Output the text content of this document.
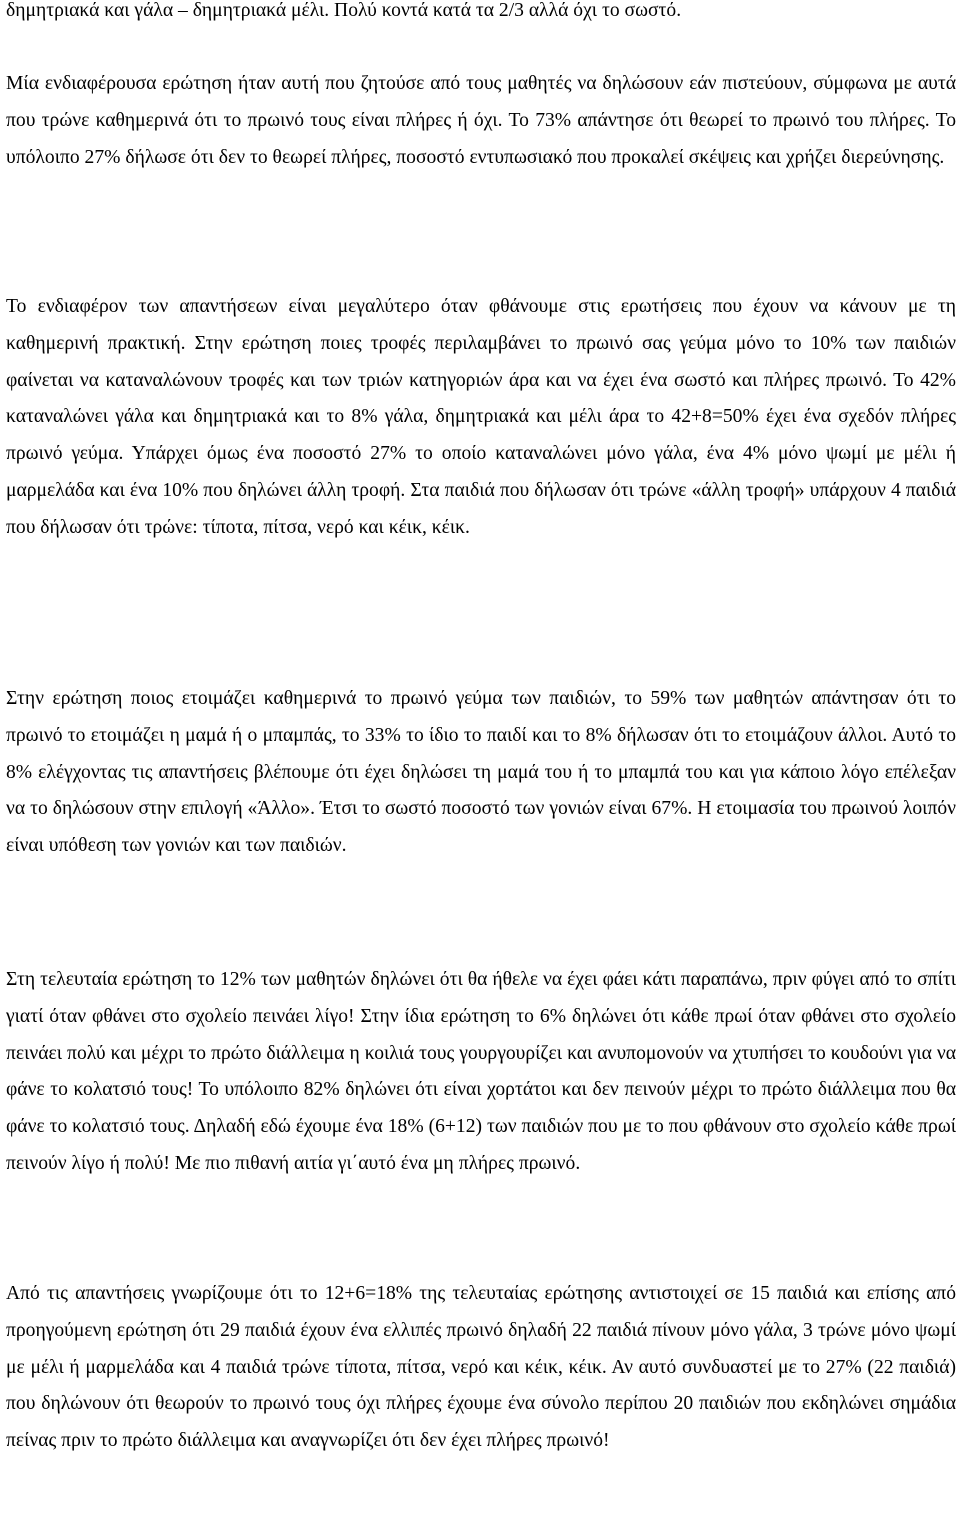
δημητριακά και γάλα – δημητριακά μέλι. Πολύ κοντά κατά τα 2/3 αλλά όχι το σωστό.

Μία ενδιαφέρουσα ερώτηση ήταν αυτή που ζητούσε από τους μαθητές να δηλώσουν εάν πιστεύουν, σύμφωνα με αυτά που τρώνε καθημερινά ότι το πρωινό τους είναι πλήρες ή όχι. Το 73% απάντησε ότι θεωρεί το πρωινό του πλήρες. Το υπόλοιπο 27% δήλωσε ότι δεν το θεωρεί πλήρες, ποσοστό εντυπωσιακό που προκαλεί σκέψεις και χρήζει διερεύνησης.

Το ενδιαφέρον των απαντήσεων είναι μεγαλύτερο όταν φθάνουμε στις ερωτήσεις που έχουν να κάνουν με τη καθημερινή πρακτική. Στην ερώτηση ποιες τροφές περιλαμβάνει το πρωινό σας γεύμα μόνο το 10% των παιδιών φαίνεται να καταναλώνουν τροφές και των τριών κατηγοριών άρα και να έχει ένα σωστό και πλήρες πρωινό. Το 42% καταναλώνει γάλα και δημητριακά και το 8% γάλα, δημητριακά και μέλι άρα το 42+8=50% έχει ένα σχεδόν πλήρες πρωινό γεύμα. Υπάρχει όμως ένα ποσοστό 27% το οποίο καταναλώνει μόνο γάλα, ένα 4% μόνο ψωμί με μέλι ή μαρμελάδα και ένα 10% που δηλώνει άλλη τροφή. Στα παιδιά που δήλωσαν ότι τρώνε «άλλη τροφή» υπάρχουν 4 παιδιά που δήλωσαν ότι τρώνε: τίποτα, πίτσα, νερό και κέικ, κέικ.

Στην ερώτηση ποιος ετοιμάζει καθημερινά το πρωινό γεύμα των παιδιών, το 59% των μαθητών απάντησαν ότι το πρωινό το ετοιμάζει η μαμά ή ο μπαμπάς, το 33% το ίδιο το παιδί και το 8% δήλωσαν ότι το ετοιμάζουν άλλοι. Αυτό το 8% ελέγχοντας τις απαντήσεις βλέπουμε ότι έχει δηλώσει τη μαμά του ή το μπαμπά του και για κάποιο λόγο επέλεξαν να το δηλώσουν στην επιλογή «Άλλο». Έτσι το σωστό ποσοστό των γονιών είναι 67%. Η ετοιμασία του πρωινού λοιπόν είναι υπόθεση των γονιών και των παιδιών.

Στη τελευταία ερώτηση το 12% των μαθητών δηλώνει ότι θα ήθελε να έχει φάει κάτι παραπάνω, πριν φύγει από το σπίτι γιατί όταν φθάνει στο σχολείο πεινάει λίγο! Στην ίδια ερώτηση το 6% δηλώνει ότι κάθε πρωί όταν φθάνει στο σχολείο πεινάει πολύ και μέχρι το πρώτο διάλλειμα η κοιλιά τους γουργουρίζει και ανυπομονούν να χτυπήσει το κουδούνι για να φάνε το κολατσιό τους! Το υπόλοιπο 82% δηλώνει ότι είναι χορτάτοι και δεν πεινούν μέχρι το πρώτο διάλλειμα που θα φάνε το κολατσιό τους. Δηλαδή εδώ έχουμε ένα 18% (6+12) των παιδιών που με το που φθάνουν στο σχολείο κάθε πρωί πεινούν λίγο ή πολύ! Με πιο πιθανή αιτία γι΄αυτό ένα μη πλήρες πρωινό.

Από τις απαντήσεις γνωρίζουμε ότι το 12+6=18% της τελευταίας ερώτησης αντιστοιχεί σε 15 παιδιά και επίσης από προηγούμενη ερώτηση ότι 29 παιδιά έχουν ένα ελλιπές πρωινό δηλαδή 22 παιδιά πίνουν μόνο γάλα, 3 τρώνε μόνο ψωμί με μέλι ή μαρμελάδα και 4 παιδιά τρώνε τίποτα, πίτσα, νερό και κέικ, κέικ. Αν αυτό συνδυαστεί με το 27% (22 παιδιά) που δηλώνουν ότι θεωρούν το πρωινό τους όχι πλήρες έχουμε ένα σύνολο περίπου 20 παιδιών που εκδηλώνει σημάδια πείνας πριν το πρώτο διάλλειμα και αναγνωρίζει ότι δεν έχει πλήρες πρωινό!
